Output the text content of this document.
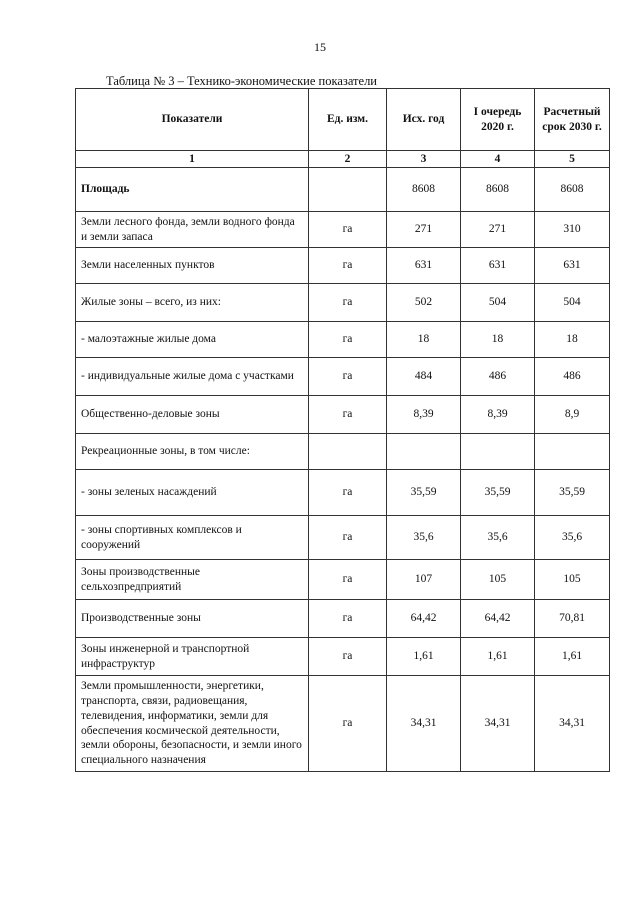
15
Таблица № 3 – Технико-экономические показатели
Показатели	Ед. изм.	Исх. год	I очередь 2020 г.	Расчетный срок 2030 г.
1	2	3	4	5
Площадь		8608	8608	8608
Земли лесного фонда, земли водного фонда и земли запаса	га	271	271	310
Земли населенных пунктов	га	631	631	631
Жилые зоны – всего, из них:	га	502	504	504
- малоэтажные жилые дома	га	18	18	18
- индивидуальные жилые дома с участками	га	484	486	486
Общественно-деловые зоны	га	8,39	8,39	8,9
Рекреационные зоны, в том числе:				
- зоны зеленых насаждений	га	35,59	35,59	35,59
- зоны спортивных комплексов и сооружений	га	35,6	35,6	35,6
Зоны производственные сельхозпредприятий	га	107	105	105
Производственные зоны	га	64,42	64,42	70,81
Зоны инженерной и транспортной инфраструктур	га	1,61	1,61	1,61
Земли промышленности, энергетики, транспорта, связи, радиовещания, телевидения, информатики, земли для обеспечения космической деятельности, земли обороны, безопасности, и земли иного специального назначения	га	34,31	34,31	34,31
